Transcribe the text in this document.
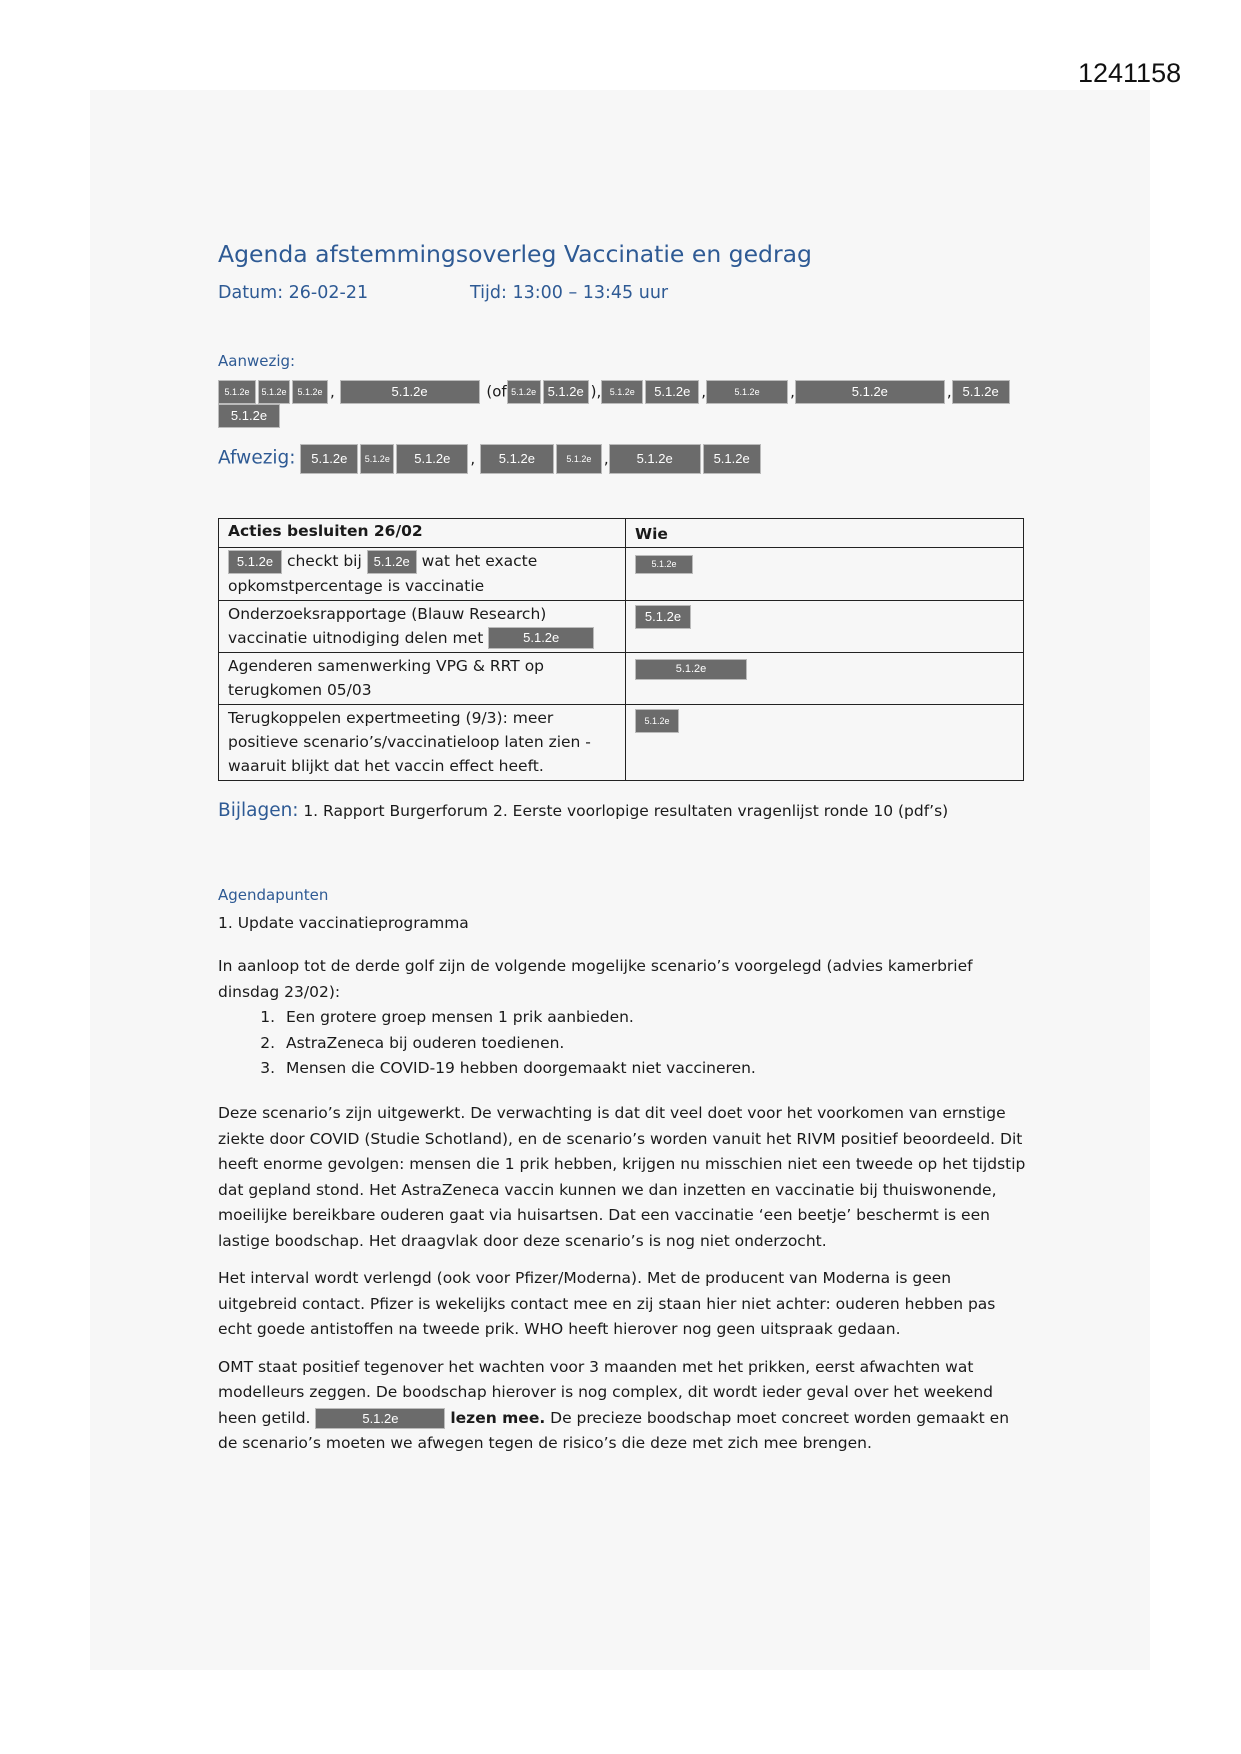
1241158
Agenda afstemmingsoverleg Vaccinatie en gedrag
Datum: 26-02-21	Tijd: 13:00 – 13:45 uur
Aanwezig:
5.1.2e 5.1.2e 5.1.2e ,	5.1.2e	(of 5.1.2e 5.1.2e ), 5.1.2e 5.1.2e ,	5.1.2e ,	5.1.2e	, 5.1.2e
5.1.2e
Afwezig: 5.1.2e 5.1.2e 5.1.2e , 5.1.2e	5.1.2e , 5.1.2e	5.1.2e
Acties besluiten 26/02	Wie
5.1.2e checkt bij 5.1.2e wat het exacte
opkomstpercentage is vaccinatie	5.1.2e
Onderzoeksrapportage (Blauw Research)
vaccinatie uitnodiging delen met 5.1.2e	5.1.2e
Agenderen samenwerking VPG & RRT op
terugkomen 05/03	5.1.2e
Terugkoppelen expertmeeting (9/3): meer
positieve scenario’s/vaccinatieloop laten zien -
waaruit blijkt dat het vaccin effect heeft.	5.1.2e
Bijlagen: 1. Rapport Burgerforum 2. Eerste voorlopige resultaten vragenlijst ronde 10 (pdf’s)
Agendapunten
1. Update vaccinatieprogramma
In aanloop tot de derde golf zijn de volgende mogelijke scenario’s voorgelegd (advies kamerbrief dinsdag 23/02):
1. Een grotere groep mensen 1 prik aanbieden.
2. AstraZeneca bij ouderen toedienen.
3. Mensen die COVID-19 hebben doorgemaakt niet vaccineren.

Deze scenario’s zijn uitgewerkt. De verwachting is dat dit veel doet voor het voorkomen van ernstige ziekte door COVID (Studie Schotland), en de scenario’s worden vanuit het RIVM positief beoordeeld. Dit heeft enorme gevolgen: mensen die 1 prik hebben, krijgen nu misschien niet een tweede op het tijdstip dat gepland stond. Het AstraZeneca vaccin kunnen we dan inzetten en vaccinatie bij thuiswonende, moeilijke bereikbare ouderen gaat via huisartsen. Dat een vaccinatie ‘een beetje’ beschermt is een lastige boodschap. Het draagvlak door deze scenario’s is nog niet onderzocht.

Het interval wordt verlengd (ook voor Pfizer/Moderna). Met de producent van Moderna is geen uitgebreid contact. Pfizer is wekelijks contact mee en zij staan hier niet achter: ouderen hebben pas echt goede antistoffen na tweede prik. WHO heeft hierover nog geen uitspraak gedaan.

OMT staat positief tegenover het wachten voor 3 maanden met het prikken, eerst afwachten wat modelleurs zeggen. De boodschap hierover is nog complex, dit wordt ieder geval over het weekend heen getild.	5.1.2e	lezen mee. De precieze boodschap moet concreet worden gemaakt en de scenario’s moeten we afwegen tegen de risico’s die deze met zich mee brengen.
